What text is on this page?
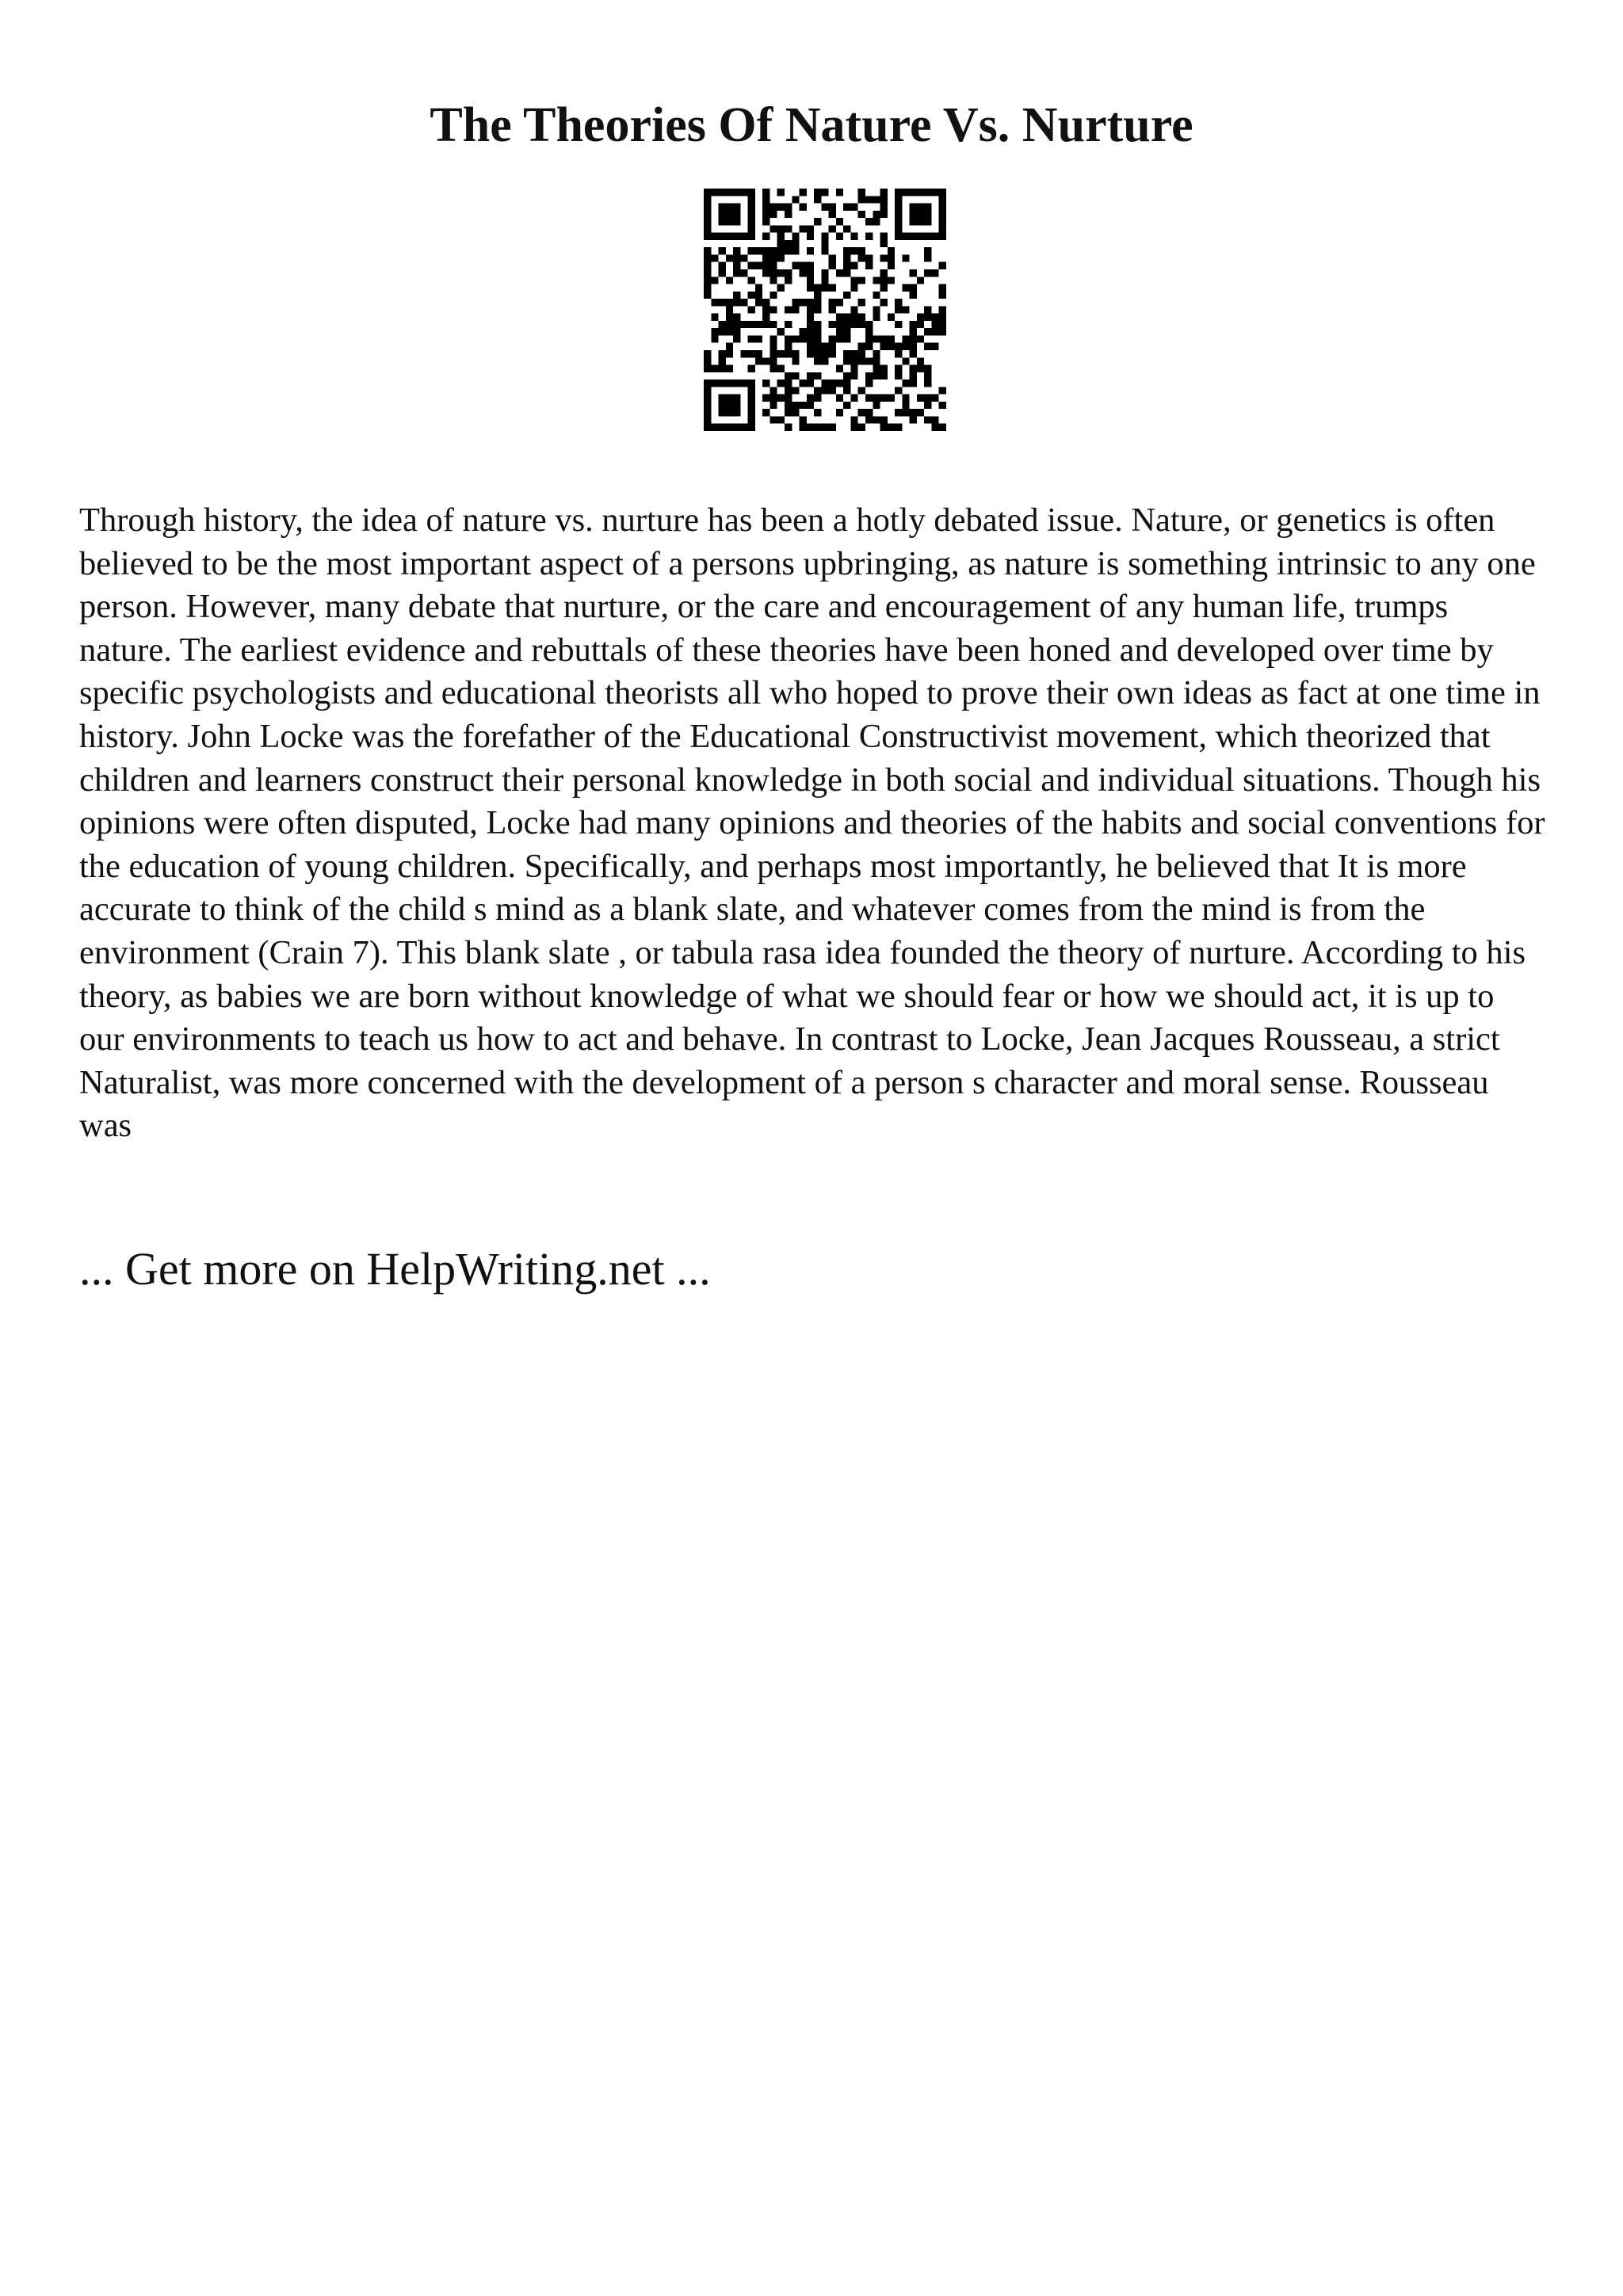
The Theories Of Nature Vs. Nurture

Through history, the idea of nature vs. nurture has been a hotly debated issue. Nature, or genetics is often believed to be the most important aspect of a persons upbringing, as nature is something intrinsic to any one person. However, many debate that nurture, or the care and encouragement of any human life, trumps nature. The earliest evidence and rebuttals of these theories have been honed and developed over time by specific psychologists and educational theorists all who hoped to prove their own ideas as fact at one time in history. John Locke was the forefather of the Educational Constructivist movement, which theorized that children and learners construct their personal knowledge in both social and individual situations. Though his opinions were often disputed, Locke had many opinions and theories of the habits and social conventions for the education of young children. Specifically, and perhaps most importantly, he believed that It is more accurate to think of the child s mind as a blank slate, and whatever comes from the mind is from the environment (Crain 7). This blank slate , or tabula rasa idea founded the theory of nurture. According to his theory, as babies we are born without knowledge of what we should fear or how we should act, it is up to our environments to teach us how to act and behave. In contrast to Locke, Jean Jacques Rousseau, a strict Naturalist, was more concerned with the development of a person s character and moral sense. Rousseau was

... Get more on HelpWriting.net ...
